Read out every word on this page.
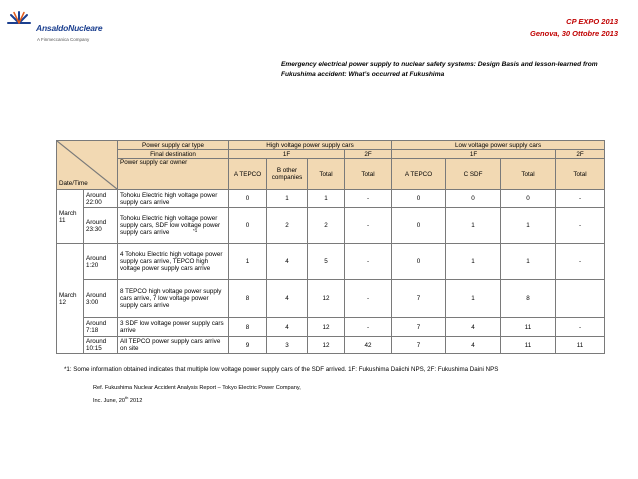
AnsaldoNucleare
A Finmeccanica Company
CP EXPO 2013
Genova, 30 Ottobre 2013
Emergency electrical power supply to nuclear safety systems: Design Basis and lesson-learned from Fukushima accident: What’s occurred at Fukushima
Date/Time		Power supply car type	High voltage power supply cars				Low voltage power supply cars			
		Final destination	1F			2F	1F			2F
		Power supply car owner	A TEPCO	B other companies	Total	Total	A TEPCO	C SDF	Total	Total
March 11	Around 22:00	Tohoku Electric high voltage power supply cars arrive	0	1	1	-	0	0	0	-
	Around 23:30	Tohoku Electric high voltage power supply cars, SDF low voltage power supply cars arrive	0	2	2	-	0	1	1	-
March 12	Around 1:20	4 Tohoku Electric high voltage power supply cars arrive, TEPCO high voltage power supply cars arrive	1	4	5	-	0	1	1	-
	Around 3:00	8 TEPCO high voltage power supply cars arrive, 7 low voltage power supply cars arrive	8	4	12	-	7	1	8	
	Around 7:18	3 SDF low voltage power supply cars arrive	8	4	12	-	7	4	11	-
	Around 10:15	All TEPCO power supply cars arrive on site	9	3	12	42	7	4	11	11
*1
*1: Some information obtained indicates that multiple low voltage power supply cars of the SDF arrived. 1F: Fukushima Daiichi NPS, 2F: Fukushima Daini NPS
Ref. Fukushima Nuclear Accident Analysis Report – Tokyo Electric Power Company,
Inc. June, 20th 2012
